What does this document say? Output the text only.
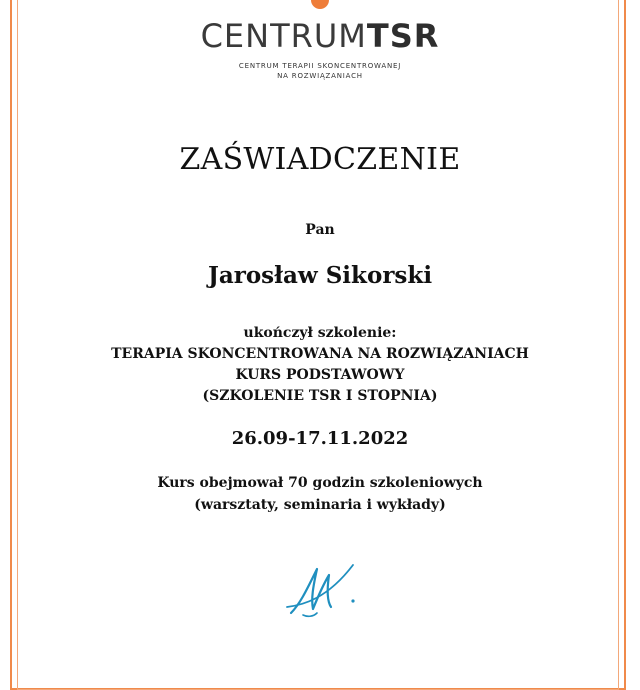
CENTRUMTSR
CENTRUM TERAPII SKONCENTROWANEJ
NA ROZWIĄZANIACH
ZAŚWIADCZENIE
Pan
Jarosław Sikorski
ukończył szkolenie:
TERAPIA SKONCENTROWANA NA ROZWIĄZANIACH
KURS PODSTAWOWY
(SZKOLENIE TSR I STOPNIA)
26.09-17.11.2022
Kurs obejmował 70 godzin szkoleniowych
(warsztaty, seminaria i wykłady)
